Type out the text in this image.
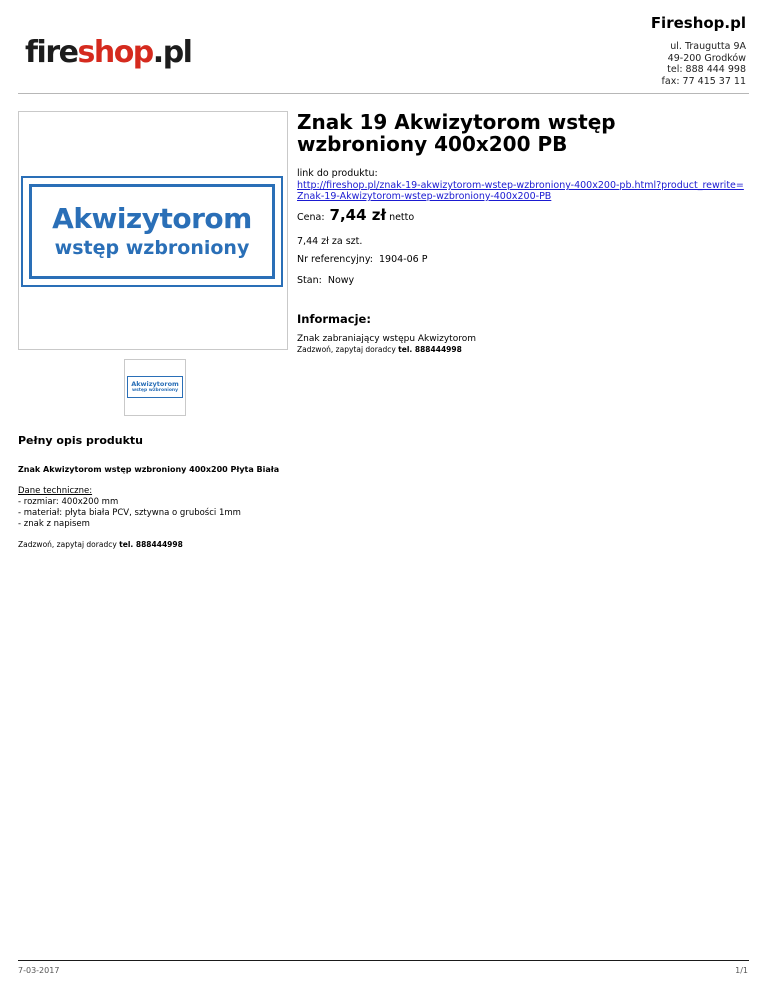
fireshop.pl
Fireshop.pl
ul. Traugutta 9A
49-200 Grodków
tel: 888 444 998
fax: 77 415 37 11
Akwizytorom
wstęp wzbroniony
Akwizytorom
wstęp wzbroniony
Znak 19 Akwizytorom wstęp wzbroniony 400x200 PB
link do produktu:
http://fireshop.pl/znak-19-akwizytorom-wstep-wzbroniony-400x200-pb.html?product_rewrite=Znak-19-Akwizytorom-wstep-wzbroniony-400x200-PB
Cena: 7,44 zł netto
7,44 zł za szt.
Nr referencyjny: 1904-06 P
Stan: Nowy
Informacje:
Znak zabraniający wstępu Akwizytorom
Zadzwoń, zapytaj doradcy tel. 888444998
Pełny opis produktu
Znak Akwizytorom wstęp wzbroniony 400x200 Płyta Biała
Dane techniczne:
- rozmiar: 400x200 mm
- materiał: płyta biała PCV, sztywna o grubości 1mm
- znak z napisem
Zadzwoń, zapytaj doradcy tel. 888444998
7-03-2017	1/1
